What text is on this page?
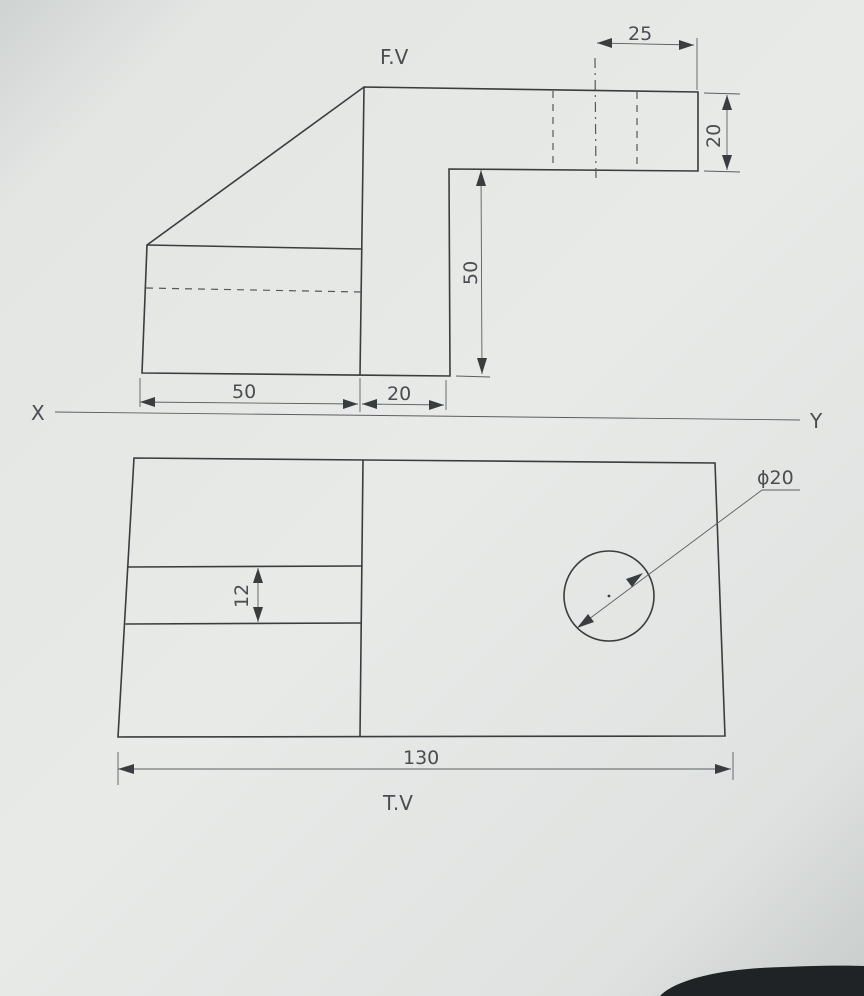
F.V
25
20
50
50	20
X	Y
12
ϕ20
130
T.V
